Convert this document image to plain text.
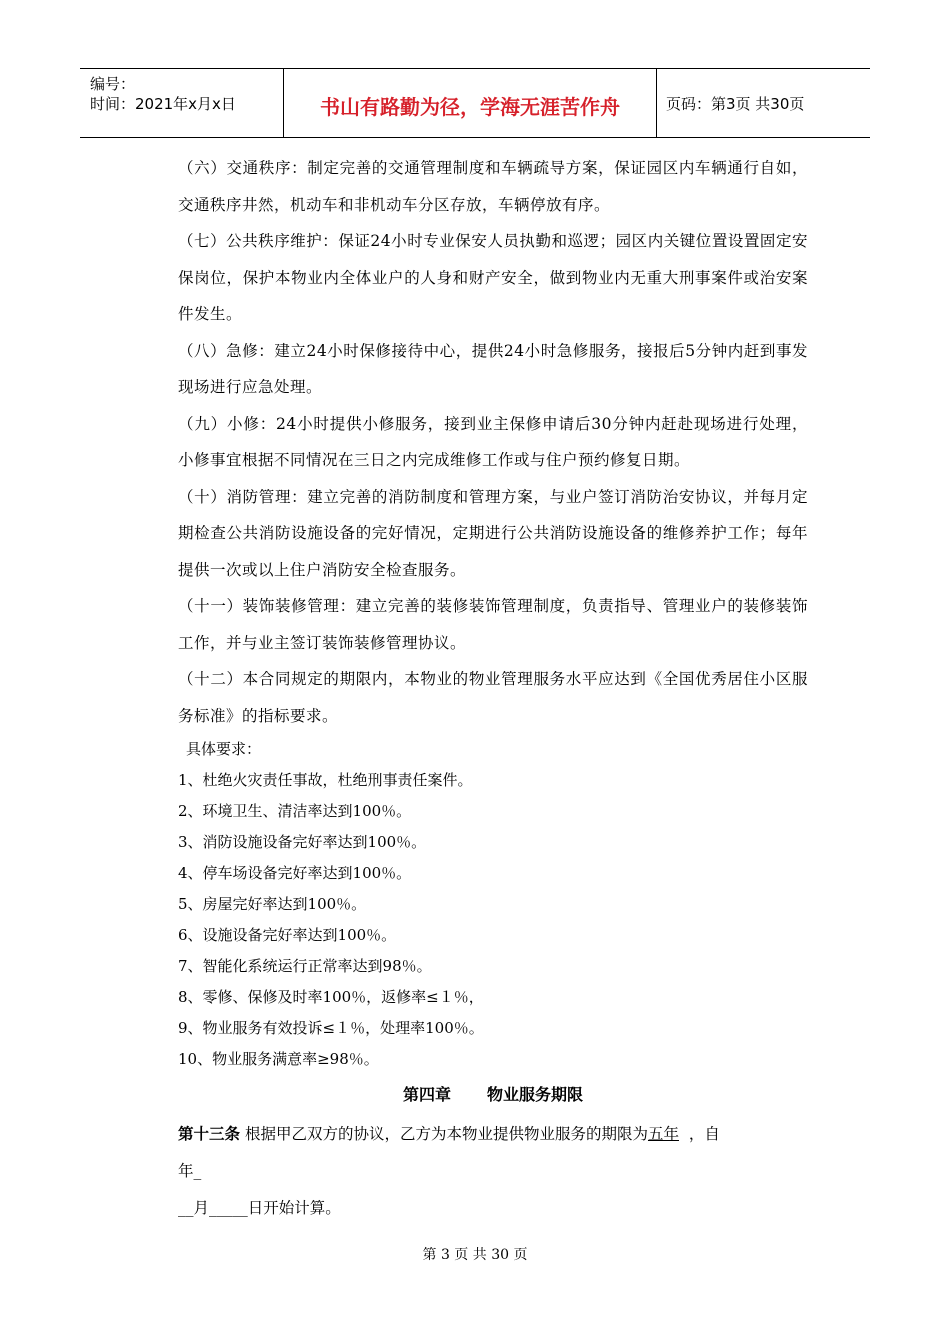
编号：
时间：2021年x月x日	书山有路勤为径，学海无涯苦作舟	页码：第3页 共30页

（六）交通秩序：制定完善的交通管理制度和车辆疏导方案，保证园区内车辆通行自如，交通秩序井然，机动车和非机动车分区存放，车辆停放有序。

（七）公共秩序维护：保证24小时专业保安人员执勤和巡逻；园区内关键位置设置固定安保岗位，保护本物业内全体业户的人身和财产安全，做到物业内无重大刑事案件或治安案件发生。

（八）急修：建立24小时保修接待中心，提供24小时急修服务，接报后5分钟内赶到事发现场进行应急处理。

（九）小修：24小时提供小修服务，接到业主保修申请后30分钟内赶赴现场进行处理，小修事宜根据不同情况在三日之内完成维修工作或与住户预约修复日期。

（十）消防管理：建立完善的消防制度和管理方案，与业户签订消防治安协议，并每月定期检查公共消防设施设备的完好情况，定期进行公共消防设施设备的维修养护工作；每年提供一次或以上住户消防安全检查服务。

（十一）装饰装修管理：建立完善的装修装饰管理制度，负责指导、管理业户的装修装饰工作，并与业主签订装饰装修管理协议。

（十二）本合同规定的期限内，本物业的物业管理服务水平应达到《全国优秀居住小区服务标准》的指标要求。

具体要求：

1、杜绝火灾责任事故，杜绝刑事责任案件。

2、环境卫生、清洁率达到100％。

3、消防设施设备完好率达到100％。

4、停车场设备完好率达到100％。

5、房屋完好率达到100％。

6、设施设备完好率达到100％。

7、智能化系统运行正常率达到98％。

8、零修、保修及时率100％，返修率≤１％，

9、物业服务有效投诉≤１％，处理率100％。

10、物业服务满意率≥98％。

第四章 物业服务期限

第十三条 根据甲乙双方的协议，乙方为本物业提供物业服务的期限为五年 ，自

年_

__月_____日开始计算。

第 3 页 共 30 页
